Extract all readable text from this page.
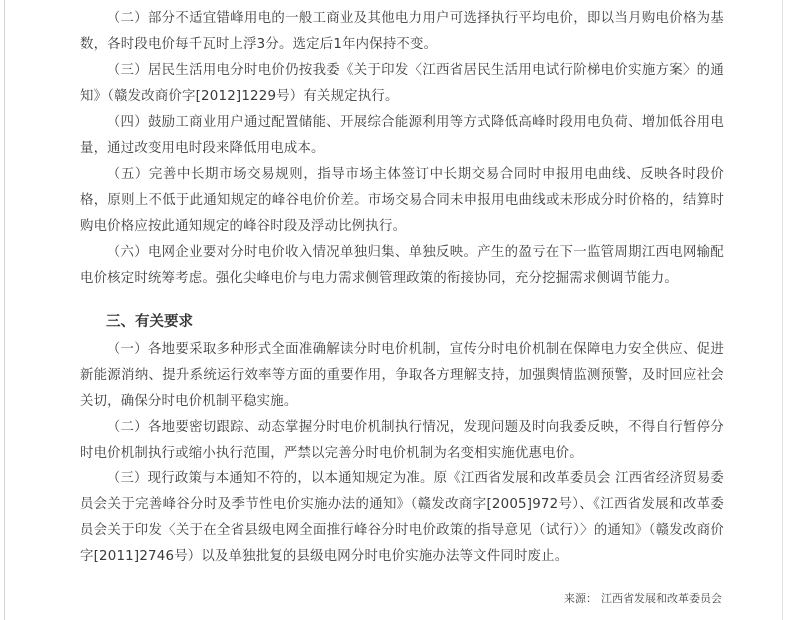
（二）部分不适宜错峰用电的一般工商业及其他电力用户可选择执行平均电价，即以当月购电价格为基数，各时段电价每千瓦时上浮3分。选定后1年内保持不变。

（三）居民生活用电分时电价仍按我委《关于印发〈江西省居民生活用电试行阶梯电价实施方案〉的通知》（赣发改商价字[2012]1229号）有关规定执行。

（四）鼓励工商业用户通过配置储能、开展综合能源利用等方式降低高峰时段用电负荷、增加低谷用电量，通过改变用电时段来降低用电成本。

（五）完善中长期市场交易规则，指导市场主体签订中长期交易合同时申报用电曲线、反映各时段价格，原则上不低于此通知规定的峰谷电价价差。市场交易合同未申报用电曲线或未形成分时价格的，结算时购电价格应按此通知规定的峰谷时段及浮动比例执行。

（六）电网企业要对分时电价收入情况单独归集、单独反映。产生的盈亏在下一监管周期江西电网输配电价核定时统筹考虑。强化尖峰电价与电力需求侧管理政策的衔接协同，充分挖掘需求侧调节能力。

三、有关要求

（一）各地要采取多种形式全面准确解读分时电价机制，宣传分时电价机制在保障电力安全供应、促进新能源消纳、提升系统运行效率等方面的重要作用，争取各方理解支持，加强舆情监测预警，及时回应社会关切，确保分时电价机制平稳实施。

（二）各地要密切跟踪、动态掌握分时电价机制执行情况，发现问题及时向我委反映，不得自行暂停分时电价机制执行或缩小执行范围，严禁以完善分时电价机制为名变相实施优惠电价。

（三）现行政策与本通知不符的，以本通知规定为准。原《江西省发展和改革委员会 江西省经济贸易委员会关于完善峰谷分时及季节性电价实施办法的通知》（赣发改商字[2005]972号）、《江西省发展和改革委员会关于印发〈关于在全省县级电网全面推行峰谷分时电价政策的指导意见（试行）〉的通知》（赣发改商价字[2011]2746号）以及单独批复的县级电网分时电价实施办法等文件同时废止。

来源： 江西省发展和改革委员会
